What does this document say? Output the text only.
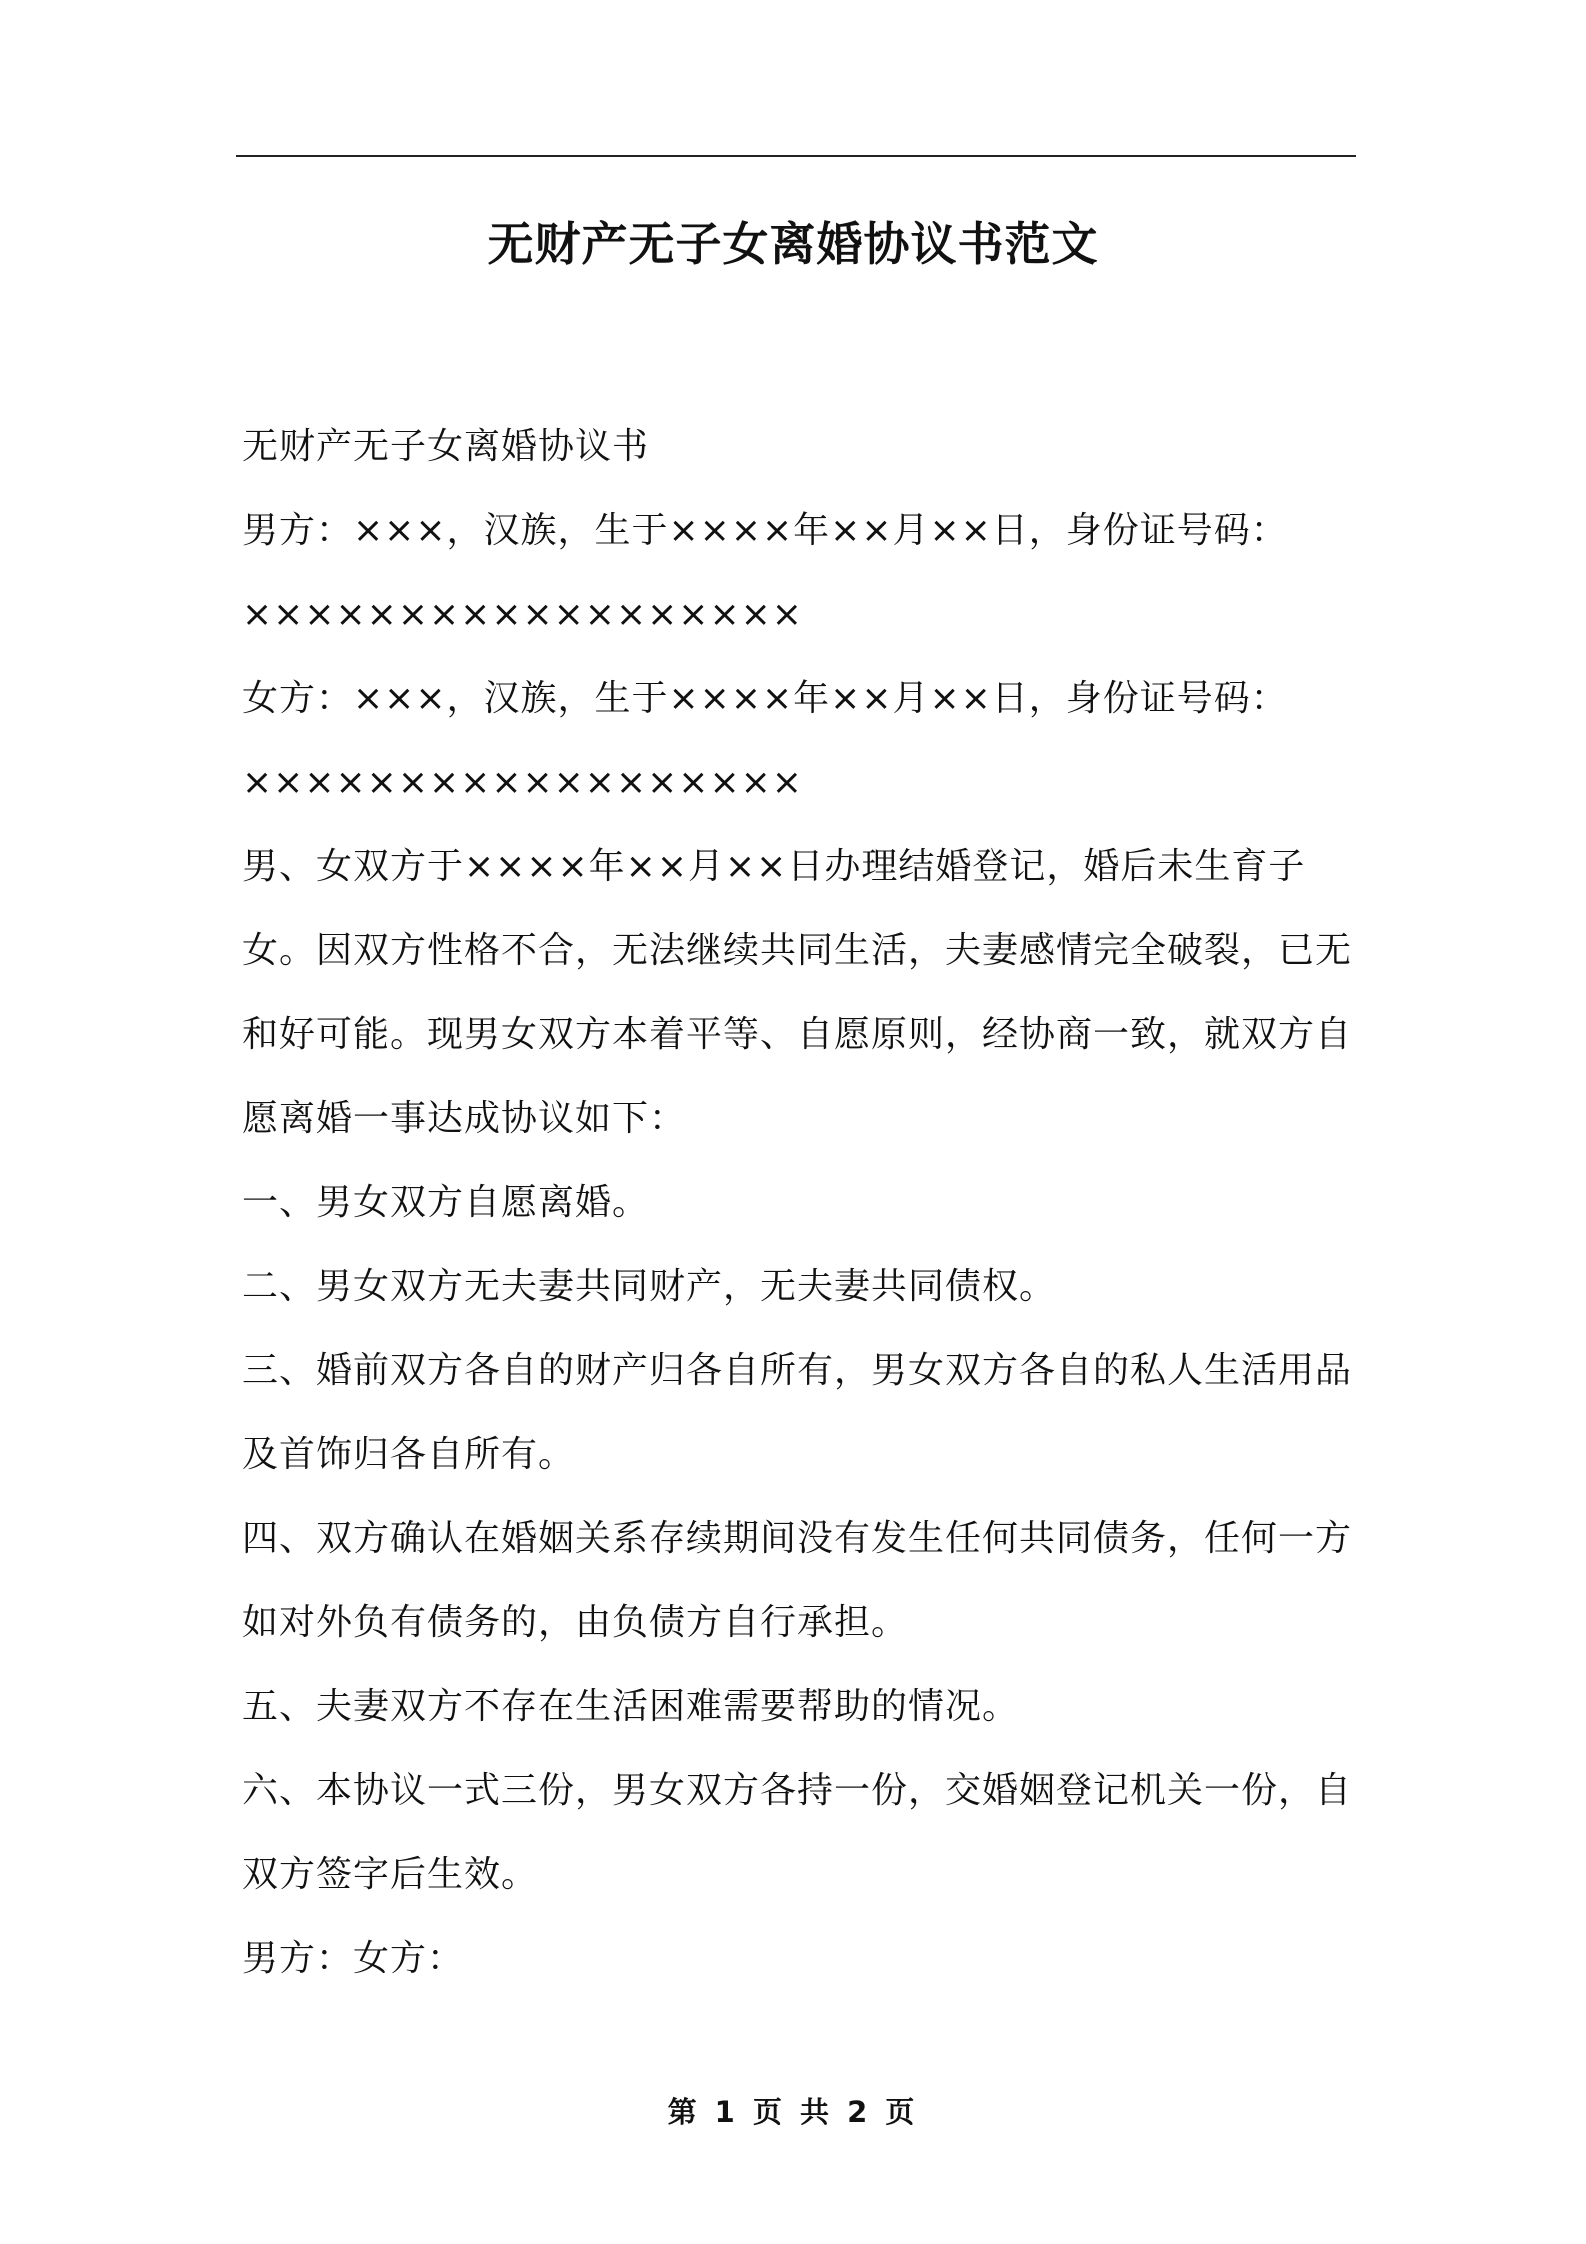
无财产无子女离婚协议书范文

无财产无子女离婚协议书

男方：×××，汉族，生于××××年××月××日，身份证号码：

××××××××××××××××××

女方：×××，汉族，生于××××年××月××日，身份证号码：

××××××××××××××××××

男、女双方于××××年××月××日办理结婚登记，婚后未生育子

女。因双方性格不合，无法继续共同生活，夫妻感情完全破裂，已无

和好可能。现男女双方本着平等、自愿原则，经协商一致，就双方自

愿离婚一事达成协议如下：

一、男女双方自愿离婚。

二、男女双方无夫妻共同财产，无夫妻共同债权。

三、婚前双方各自的财产归各自所有，男女双方各自的私人生活用品

及首饰归各自所有。

四、双方确认在婚姻关系存续期间没有发生任何共同债务，任何一方

如对外负有债务的，由负债方自行承担。

五、夫妻双方不存在生活困难需要帮助的情况。

六、本协议一式三份，男女双方各持一份，交婚姻登记机关一份，自

双方签字后生效。

男方：女方：

第 1 页 共 2 页
